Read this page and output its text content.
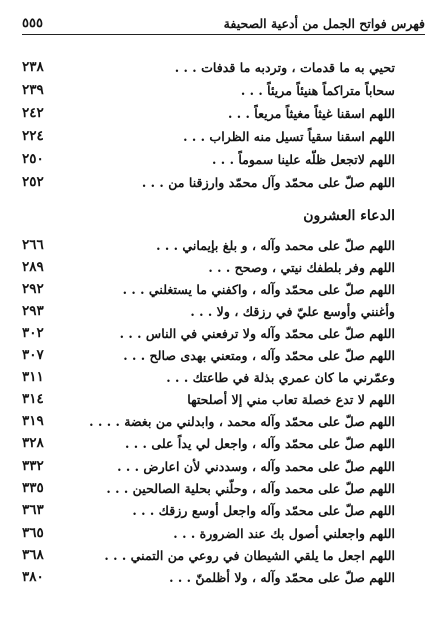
فهرس فواتح الجمل من أدعية الصحيفة
٥٥٥
تحيي به ما قدمات ، وتردبه ما قدفات . . .
٢٣٨
سحاباً متراكماً هنيئاً مريئاً . . .
٢٣٩
اللهم اسقنا غيثاً مغيثاً مريعاً . . .
٢٤٢
اللهم اسقنا سقياً تسيل منه الظراب . . .
٢٢٤
اللهم لاتجعل ظلّه علينا سموماً . . .
٢٥٠
اللهم صلّ على محمّد وآل محمّد وارزقنا من . . .
٢٥٢
الدعاء العشرون
اللهم صلّ على محمد وآله ، و بلغ بإيماني . . .
٢٦٦
اللهم وفر بلطفك نيتي ، وصحح . . .
٢٨٩
اللهم صلّ على محمّد وآله ، واكفني ما يستغلني . . .
٢٩٢
وأغنني وأوسع عليّ في رزقك ، ولا . . .
٢٩٣
اللهم صلّ على محمّد وآله ولا ترفعني في الناس . . .
٣٠٢
اللهم صلّ على محمّد وآله ، ومتعني بهدى صالح . . .
٣٠٧
وعمّرني ما كان عمري بذلة في طاعتك . . .
٣١١
اللهم لا تدع خصلة تعاب مني إلا أصلحتها
٣١٤
اللهم صلّ على محمّد وآله محمد ، وابدلني من بغضة . . . .
٣١٩
اللهم صلّ على محمّد وآله ، واجعل لي يداً على . . .
٣٢٨
اللهم صلّ على محمد وآله ، وسددني لأن اعارض . . .
٣٣٢
اللهم صلّ على محمد وآله ، وحلّني بحلية الصالحين . . .
٣٣٥
اللهم صلّ على محمّد وآله واجعل أوسع رزقك . . .
٣٦٣
اللهم واجعلني أصول بك عند الضرورة . . .
٣٦٥
اللهم اجعل ما يلقي الشيطان في روعي من التمني . . .
٣٦٨
اللهم صلّ على محمّد وآله ، ولا أظلمنّ . . .
٣٨٠
